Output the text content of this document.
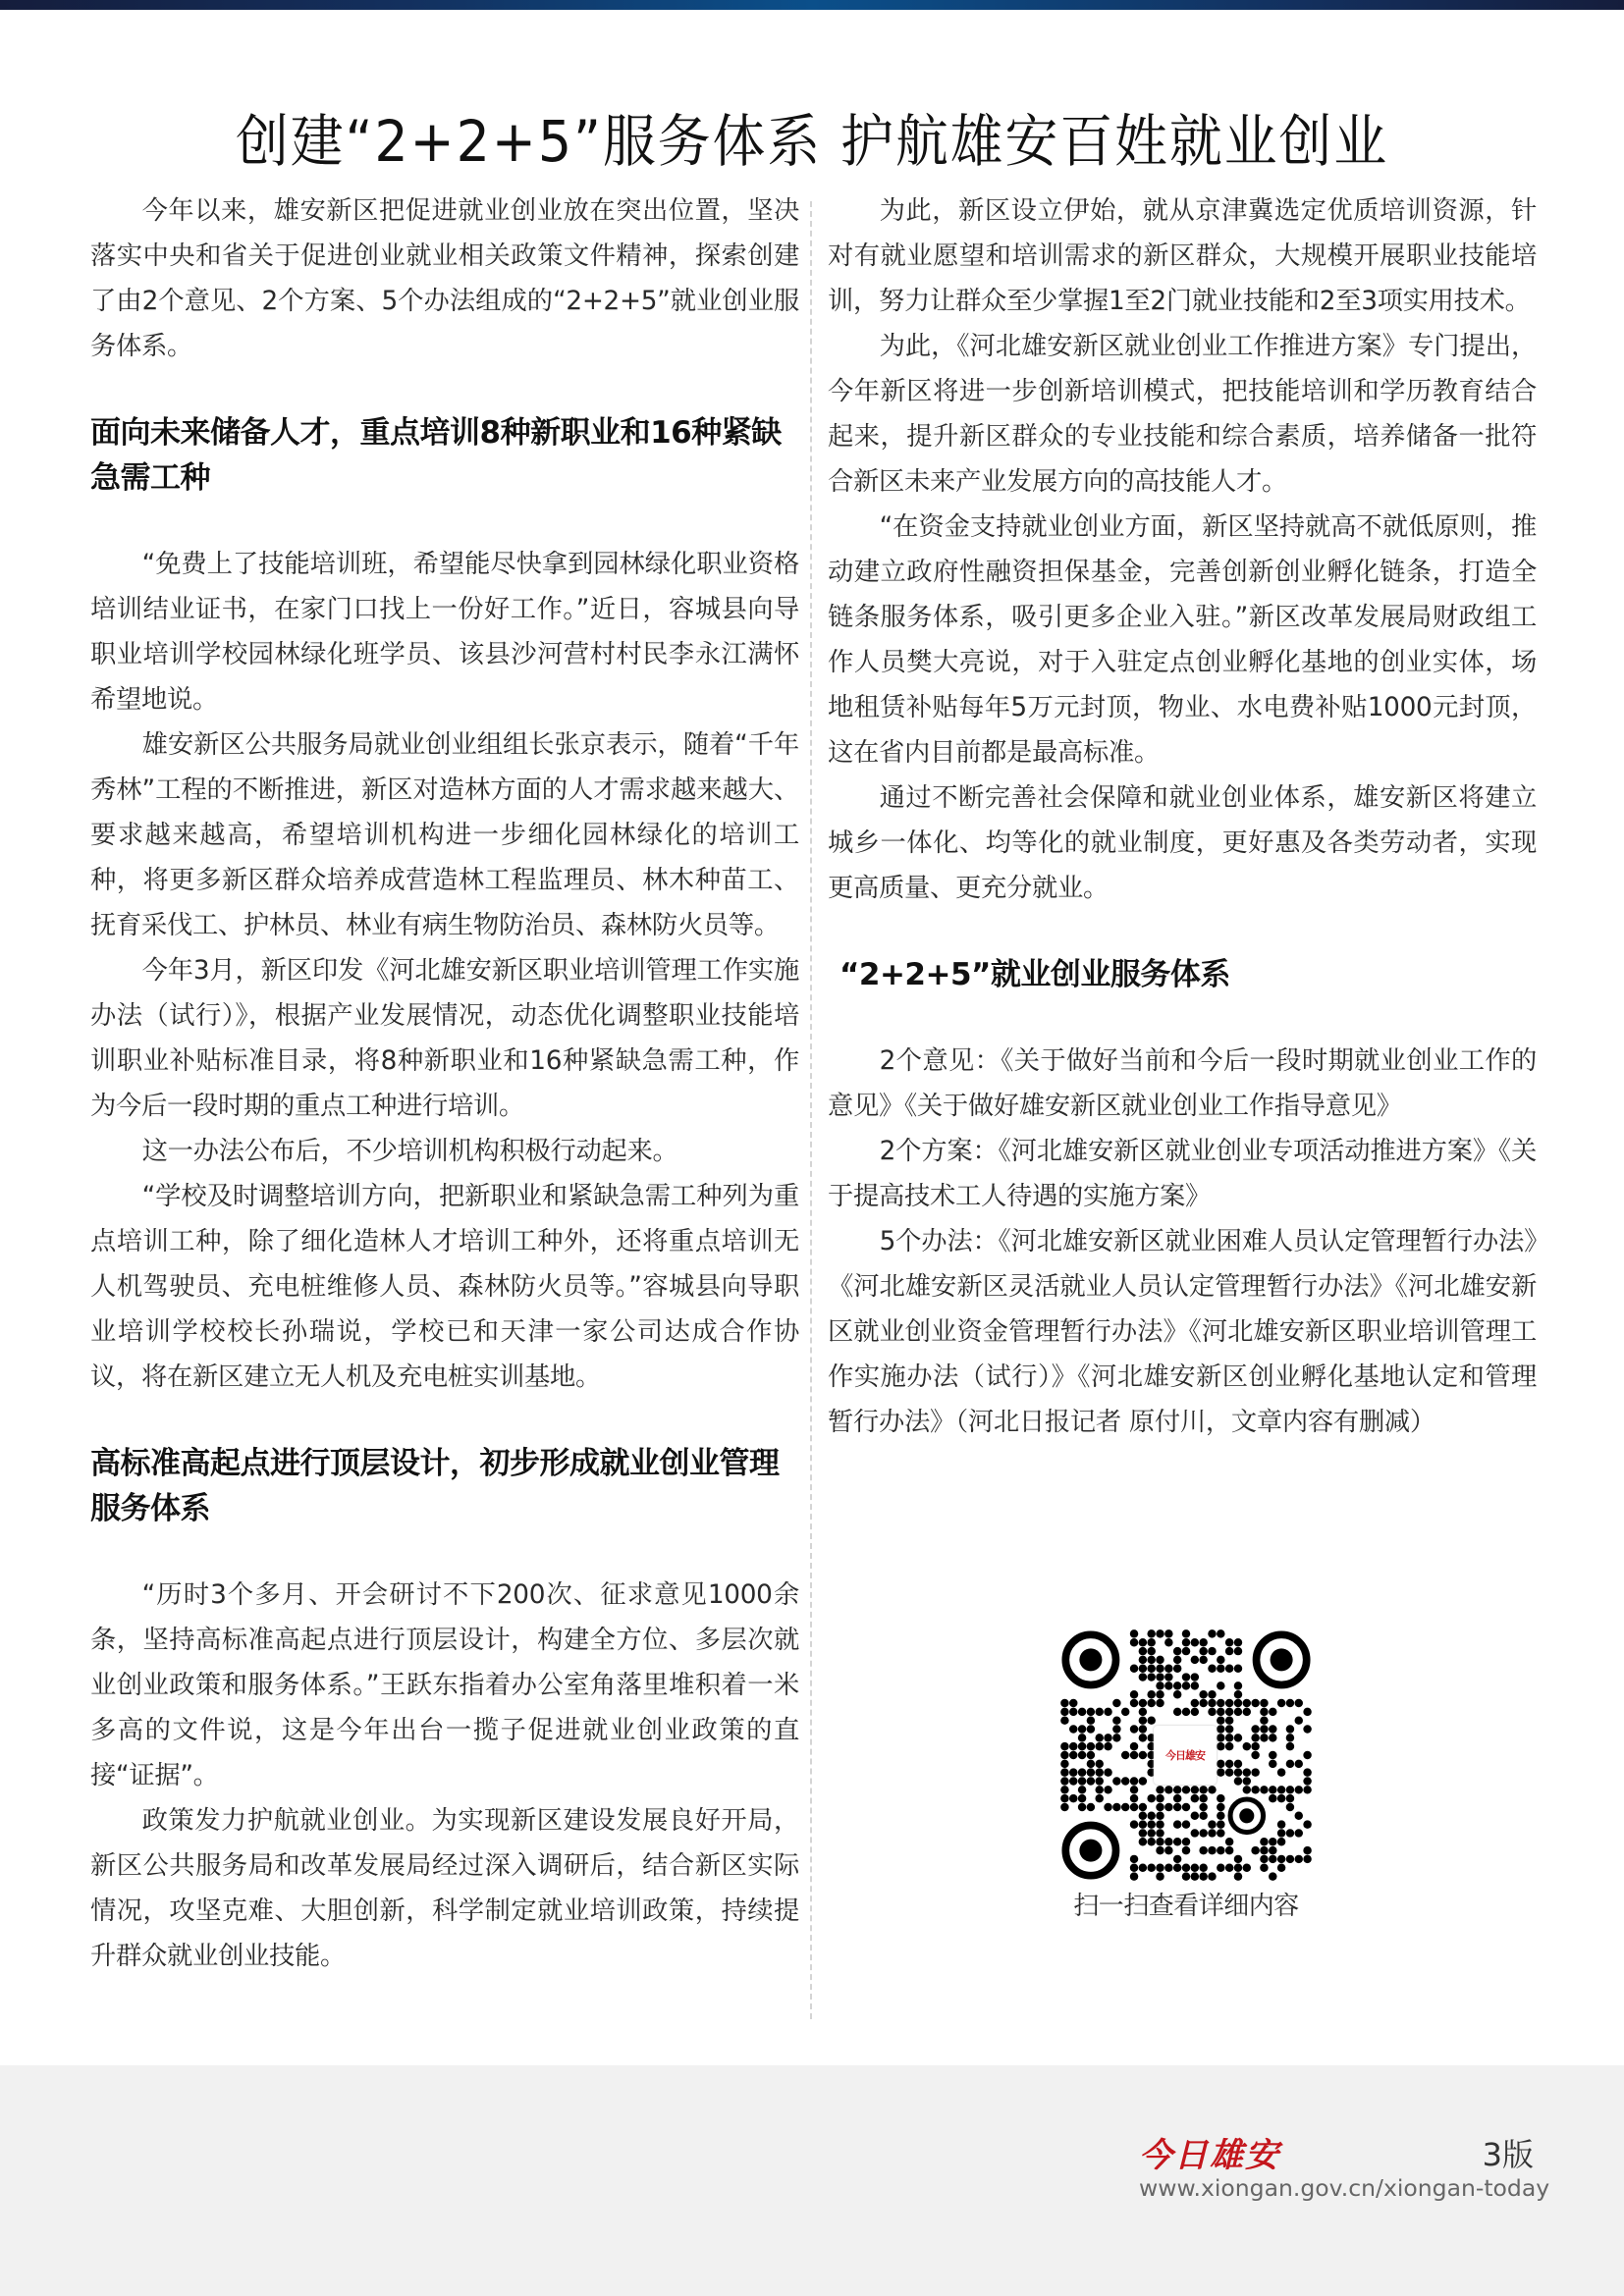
创建“2+2+5”服务体系 护航雄安百姓就业创业

今年以来，雄安新区把促进就业创业放在突出位置，坚决落实中央和省关于促进创业就业相关政策文件精神，探索创建了由2个意见、2个方案、5个办法组成的“2+2+5”就业创业服务体系。

面向未来储备人才，重点培训8种新职业和16种紧缺急需工种

“免费上了技能培训班，希望能尽快拿到园林绿化职业资格培训结业证书，在家门口找上一份好工作。”近日，容城县向导职业培训学校园林绿化班学员、该县沙河营村村民李永江满怀希望地说。

雄安新区公共服务局就业创业组组长张京表示，随着“千年秀林”工程的不断推进，新区对造林方面的人才需求越来越大、要求越来越高，希望培训机构进一步细化园林绿化的培训工种，将更多新区群众培养成营造林工程监理员、林木种苗工、抚育采伐工、护林员、林业有病生物防治员、森林防火员等。

今年3月，新区印发《河北雄安新区职业培训管理工作实施办法（试行）》，根据产业发展情况，动态优化调整职业技能培训职业补贴标准目录，将8种新职业和16种紧缺急需工种，作为今后一段时期的重点工种进行培训。

这一办法公布后，不少培训机构积极行动起来。

“学校及时调整培训方向，把新职业和紧缺急需工种列为重点培训工种，除了细化造林人才培训工种外，还将重点培训无人机驾驶员、充电桩维修人员、森林防火员等。”容城县向导职业培训学校校长孙瑞说，学校已和天津一家公司达成合作协议，将在新区建立无人机及充电桩实训基地。

高标准高起点进行顶层设计，初步形成就业创业管理服务体系

“历时3个多月、开会研讨不下200次、征求意见1000余条，坚持高标准高起点进行顶层设计，构建全方位、多层次就业创业政策和服务体系。”王跃东指着办公室角落里堆积着一米多高的文件说，这是今年出台一揽子促进就业创业政策的直接“证据”。

政策发力护航就业创业。为实现新区建设发展良好开局，新区公共服务局和改革发展局经过深入调研后，结合新区实际情况，攻坚克难、大胆创新，科学制定就业培训政策，持续提升群众就业创业技能。

为此，新区设立伊始，就从京津冀选定优质培训资源，针对有就业愿望和培训需求的新区群众，大规模开展职业技能培训，努力让群众至少掌握1至2门就业技能和2至3项实用技术。

为此，《河北雄安新区就业创业工作推进方案》专门提出，今年新区将进一步创新培训模式，把技能培训和学历教育结合起来，提升新区群众的专业技能和综合素质，培养储备一批符合新区未来产业发展方向的高技能人才。

“在资金支持就业创业方面，新区坚持就高不就低原则，推动建立政府性融资担保基金，完善创新创业孵化链条，打造全链条服务体系，吸引更多企业入驻。”新区改革发展局财政组工作人员樊大亮说，对于入驻定点创业孵化基地的创业实体，场地租赁补贴每年5万元封顶，物业、水电费补贴1000元封顶，这在省内目前都是最高标准。

通过不断完善社会保障和就业创业体系，雄安新区将建立城乡一体化、均等化的就业制度，更好惠及各类劳动者，实现更高质量、更充分就业。

“2+2+5”就业创业服务体系

2个意见：《关于做好当前和今后一段时期就业创业工作的意见》《关于做好雄安新区就业创业工作指导意见》

2个方案：《河北雄安新区就业创业专项活动推进方案》《关于提高技术工人待遇的实施方案》

5个办法：《河北雄安新区就业困难人员认定管理暂行办法》《河北雄安新区灵活就业人员认定管理暂行办法》《河北雄安新区就业创业资金管理暂行办法》《河北雄安新区职业培训管理工作实施办法（试行）》《河北雄安新区创业孵化基地认定和管理暂行办法》（河北日报记者 原付川，文章内容有删减）

今日雄安
扫一扫查看详细内容
今日雄安	3版
www.xiongan.gov.cn/xiongan-today
